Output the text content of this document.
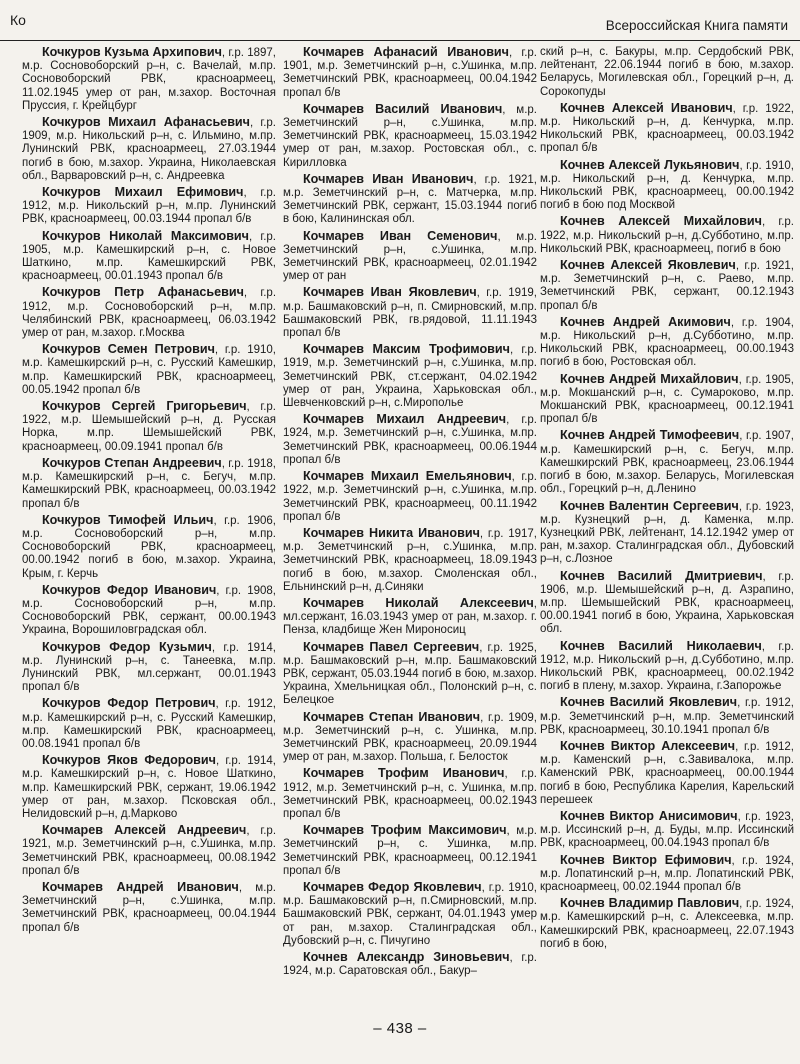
Ко	Всероссийская Книга памяти
Кочкуров Кузьма Архипович, г.р. 1897, м.р. Сосновоборский р–н, с. Вачелай, м.пр. Сосновоборский РВК, красноармеец, 11.02.1945 умер от ран, м.захор. Восточная Пруссия, г. Крейцбург
Кочкуров Михаил Афанасьевич, г.р. 1909, м.р. Никольский р–н, с. Ильмино, м.пр. Лунинский РВК, красноармеец, 27.03.1944 погиб в бою, м.захор. Украина, Николаевская обл., Варваровский р–н, с. Андреевка
Кочкуров Михаил Ефимович, г.р. 1912, м.р. Никольский р–н, м.пр. Лунинский РВК, красноармеец, 00.03.1944 пропал б/в
Кочкуров Николай Максимович, г.р. 1905, м.р. Камешкирский р–н, с. Новое Шаткино, м.пр. Камешкирский РВК, красноармеец, 00.01.1943 пропал б/в
Кочкуров Петр Афанасьевич, г.р. 1912, м.р. Сосновоборский р–н, м.пр. Челябинский РВК, красноармеец, 06.03.1942 умер от ран, м.захор. г.Москва
Кочкуров Семен Петрович, г.р. 1910, м.р. Камешкирский р–н, с. Русский Камешкир, м.пр. Камешкирский РВК, красноармеец, 00.05.1942 пропал б/в
Кочкуров Сергей Григорьевич, г.р. 1922, м.р. Шемышейский р–н, д. Русская Норка, м.пр. Шемышейский РВК, красноармеец, 00.09.1941 пропал б/в
Кочкуров Степан Андреевич, г.р. 1918, м.р. Камешкирский р–н, с. Бегуч, м.пр. Камешкирский РВК, красноармеец, 00.03.1942 пропал б/в
Кочкуров Тимофей Ильич, г.р. 1906, м.р. Сосновоборский р–н, м.пр. Сосновоборский РВК, красноармеец, 00.00.1942 погиб в бою, м.захор. Украина, Крым, г. Керчь
Кочкуров Федор Иванович, г.р. 1908, м.р. Сосновоборский р–н, м.пр. Сосновоборский РВК, сержант, 00.00.1943 Украина, Ворошиловградская обл.
Кочкуров Федор Кузьмич, г.р. 1914, м.р. Лунинский р–н, с. Танеевка, м.пр. Лунинский РВК, мл.сержант, 00.01.1943 пропал б/в
Кочкуров Федор Петрович, г.р. 1912, м.р. Камешкирский р–н, с. Русский Камешкир, м.пр. Камешкирский РВК, красноармеец, 00.08.1941 пропал б/в
Кочкуров Яков Федорович, г.р. 1914, м.р. Камешкирский р–н, с. Новое Шаткино, м.пр. Камешкирский РВК, сержант, 19.06.1942 умер от ран, м.захор. Псковская обл., Нелидовский р–н, д.Марково
Кочмарев Алексей Андреевич, г.р. 1921, м.р. Земетчинский р–н, с.Ушинка, м.пр. Земетчинский РВК, красноармеец, 00.08.1942 пропал б/в
Кочмарев Андрей Иванович, м.р. Земетчинский р–н, с.Ушинка, м.пр. Земетчинский РВК, красноармеец, 00.04.1944 пропал б/в
Кочмарев Афанасий Иванович, г.р. 1901, м.р. Земетчинский р–н, с.Ушинка, м.пр. Земетчинский РВК, красноармеец, 00.04.1942 пропал б/в
Кочмарев Василий Иванович, м.р. Земетчинский р–н, с.Ушинка, м.пр. Земетчинский РВК, красноармеец, 15.03.1942 умер от ран, м.захор. Ростовская обл., с. Кирилловка
Кочмарев Иван Иванович, г.р. 1921, м.р. Земетчинский р–н, с. Матчерка, м.пр. Земетчинский РВК, сержант, 15.03.1944 погиб в бою, Калининская обл.
Кочмарев Иван Семенович, м.р. Земетчинский р–н, с.Ушинка, м.пр. Земетчинский РВК, красноармеец, 02.01.1942 умер от ран
Кочмарев Иван Яковлевич, г.р. 1919, м.р. Башмаковский р–н, п. Смирновский, м.пр. Башмаковский РВК, гв.рядовой, 11.11.1943 пропал б/в
Кочмарев Максим Трофимович, г.р. 1919, м.р. Земетчинский р–н, с.Ушинка, м.пр. Земетчинский РВК, ст.сержант, 04.02.1942 умер от ран, Украина, Харьковская обл., Шевченковский р–н, с.Мирополье
Кочмарев Михаил Андреевич, г.р. 1924, м.р. Земетчинский р–н, с.Ушинка, м.пр. Земетчинский РВК, красноармеец, 00.06.1944 пропал б/в
Кочмарев Михаил Емельянович, г.р. 1922, м.р. Земетчинский р–н, с.Ушинка, м.пр. Земетчинский РВК, красноармеец, 00.11.1942 пропал б/в
Кочмарев Никита Иванович, г.р. 1917, м.р. Земетчинский р–н, с.Ушинка, м.пр. Земетчинский РВК, красноармеец, 18.09.1943 погиб в бою, м.захор. Смоленская обл., Ельнинский р–н, д.Синяки
Кочмарев Николай Алексеевич, мл.сержант, 16.03.1943 умер от ран, м.захор. г. Пенза, кладбище Жен Мироносиц
Кочмарев Павел Сергеевич, г.р. 1925, м.р. Башмаковский р–н, м.пр. Башмаковский РВК, сержант, 05.03.1944 погиб в бою, м.захор. Украина, Хмельницкая обл., Полонский р–н, с. Белецкое
Кочмарев Степан Иванович, г.р. 1909, м.р. Земетчинский р–н, с. Ушинка, м.пр. Земетчинский РВК, красноармеец, 20.09.1944 умер от ран, м.захор. Польша, г. Белосток
Кочмарев Трофим Иванович, г.р. 1912, м.р. Земетчинский р–н, с. Ушинка, м.пр. Земетчинский РВК, красноармеец, 00.02.1943 пропал б/в
Кочмарев Трофим Максимович, м.р. Земетчинский р–н, с. Ушинка, м.пр. Земетчинский РВК, красноармеец, 00.12.1941 пропал б/в
Кочмарев Федор Яковлевич, г.р. 1910, м.р. Башмаковский р–н, п.Смирновский, м.пр. Башмаковский РВК, сержант, 04.01.1943 умер от ран, м.захор. Сталинградская обл., Дубовский р–н, с. Пичугино
Кочнев Александр Зиновьевич, г.р. 1924, м.р. Саратовская обл., Бакур–
ский р–н, с. Бакуры, м.пр. Сердобский РВК, лейтенант, 22.06.1944 погиб в бою, м.захор. Беларусь, Могилевская обл., Горецкий р–н, д. Сорокопуды
Кочнев Алексей Иванович, г.р. 1922, м.р. Никольский р–н, д. Кенчурка, м.пр. Никольский РВК, красноармеец, 00.03.1942 пропал б/в
Кочнев Алексей Лукьянович, г.р. 1910, м.р. Никольский р–н, д. Кенчурка, м.пр. Никольский РВК, красноармеец, 00.00.1942 погиб в бою под Москвой
Кочнев Алексей Михайлович, г.р. 1922, м.р. Никольский р–н, д.Субботино, м.пр. Никольский РВК, красноармеец, погиб в бою
Кочнев Алексей Яковлевич, г.р. 1921, м.р. Земетчинский р–н, с. Раево, м.пр. Земетчинский РВК, сержант, 00.12.1943 пропал б/в
Кочнев Андрей Акимович, г.р. 1904, м.р. Никольский р–н, д.Субботино, м.пр. Никольский РВК, красноармеец, 00.00.1943 погиб в бою, Ростовская обл.
Кочнев Андрей Михайлович, г.р. 1905, м.р. Мокшанский р–н, с. Сумароково, м.пр. Мокшанский РВК, красноармеец, 00.12.1941 пропал б/в
Кочнев Андрей Тимофеевич, г.р. 1907, м.р. Камешкирский р–н, с. Бегуч, м.пр. Камешкирский РВК, красноармеец, 23.06.1944 погиб в бою, м.захор. Беларусь, Могилевская обл., Горецкий р–н, д.Ленино
Кочнев Валентин Сергеевич, г.р. 1923, м.р. Кузнецкий р–н, д. Каменка, м.пр. Кузнецкий РВК, лейтенант, 14.12.1942 умер от ран, м.захор. Сталинградская обл., Дубовский р–н, с.Лозное
Кочнев Василий Дмитриевич, г.р. 1906, м.р. Шемышейский р–н, д. Азрапино, м.пр. Шемышейский РВК, красноармеец, 00.00.1941 погиб в бою, Украина, Харьковская обл.
Кочнев Василий Николаевич, г.р. 1912, м.р. Никольский р–н, д.Субботино, м.пр. Никольский РВК, красноармеец, 00.02.1942 погиб в плену, м.захор. Украина, г.Запорожье
Кочнев Василий Яковлевич, г.р. 1912, м.р. Земетчинский р–н, м.пр. Земетчинский РВК, красноармеец, 30.10.1941 пропал б/в
Кочнев Виктор Алексеевич, г.р. 1912, м.р. Каменский р–н, с.Завивалока, м.пр. Каменский РВК, красноармеец, 00.00.1944 погиб в бою, Республика Карелия, Карельский перешеек
Кочнев Виктор Анисимович, г.р. 1923, м.р. Иссинский р–н, д. Буды, м.пр. Иссинский РВК, красноармеец, 00.04.1943 пропал б/в
Кочнев Виктор Ефимович, г.р. 1924, м.р. Лопатинский р–н, м.пр. Лопатинский РВК, красноармеец, 00.02.1944 пропал б/в
Кочнев Владимир Павлович, г.р. 1924, м.р. Камешкирский р–н, с. Алексеевка, м.пр. Камешкирский РВК, красноармеец, 22.07.1943 погиб в бою,
– 438 –
